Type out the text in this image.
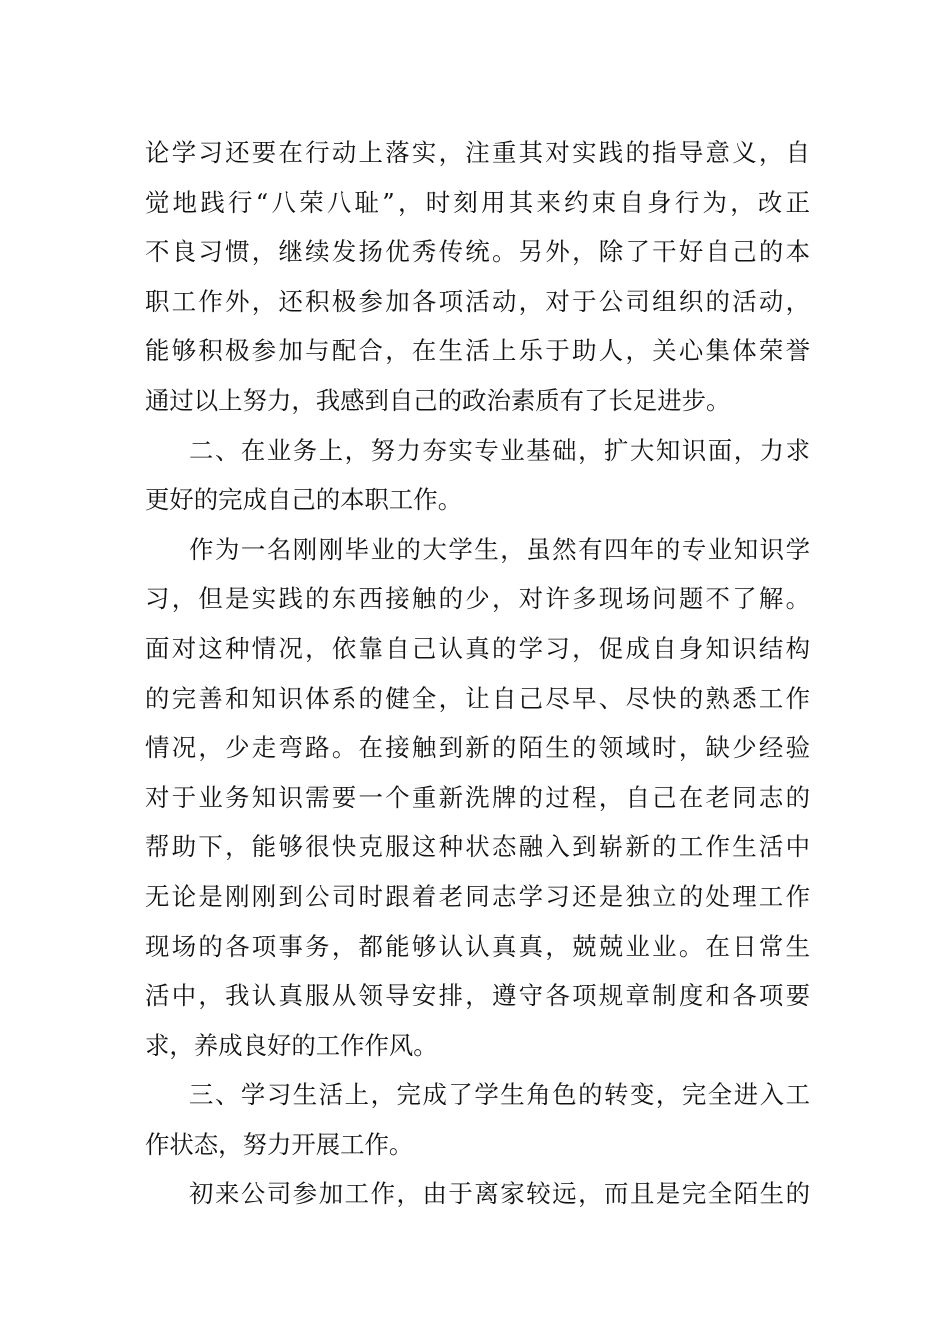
论学习还要在行动上落实，注重其对实践的指导意义，自
觉地践行“八荣八耻”，时刻用其来约束自身行为，改正
不良习惯，继续发扬优秀传统。另外，除了干好自己的本
职工作外，还积极参加各项活动，对于公司组织的活动，
能够积极参加与配合，在生活上乐于助人，关心集体荣誉
通过以上努力，我感到自己的政治素质有了长足进步。
二、在业务上，努力夯实专业基础，扩大知识面，力求
更好的完成自己的本职工作。
作为一名刚刚毕业的大学生，虽然有四年的专业知识学
习，但是实践的东西接触的少，对许多现场问题不了解。
面对这种情况，依靠自己认真的学习，促成自身知识结构
的完善和知识体系的健全，让自己尽早、尽快的熟悉工作
情况，少走弯路。在接触到新的陌生的领域时，缺少经验
对于业务知识需要一个重新洗牌的过程，自己在老同志的
帮助下，能够很快克服这种状态融入到崭新的工作生活中
无论是刚刚到公司时跟着老同志学习还是独立的处理工作
现场的各项事务，都能够认认真真，兢兢业业。在日常生
活中，我认真服从领导安排，遵守各项规章制度和各项要
求，养成良好的工作作风。
三、学习生活上，完成了学生角色的转变，完全进入工
作状态，努力开展工作。
初来公司参加工作，由于离家较远，而且是完全陌生的
